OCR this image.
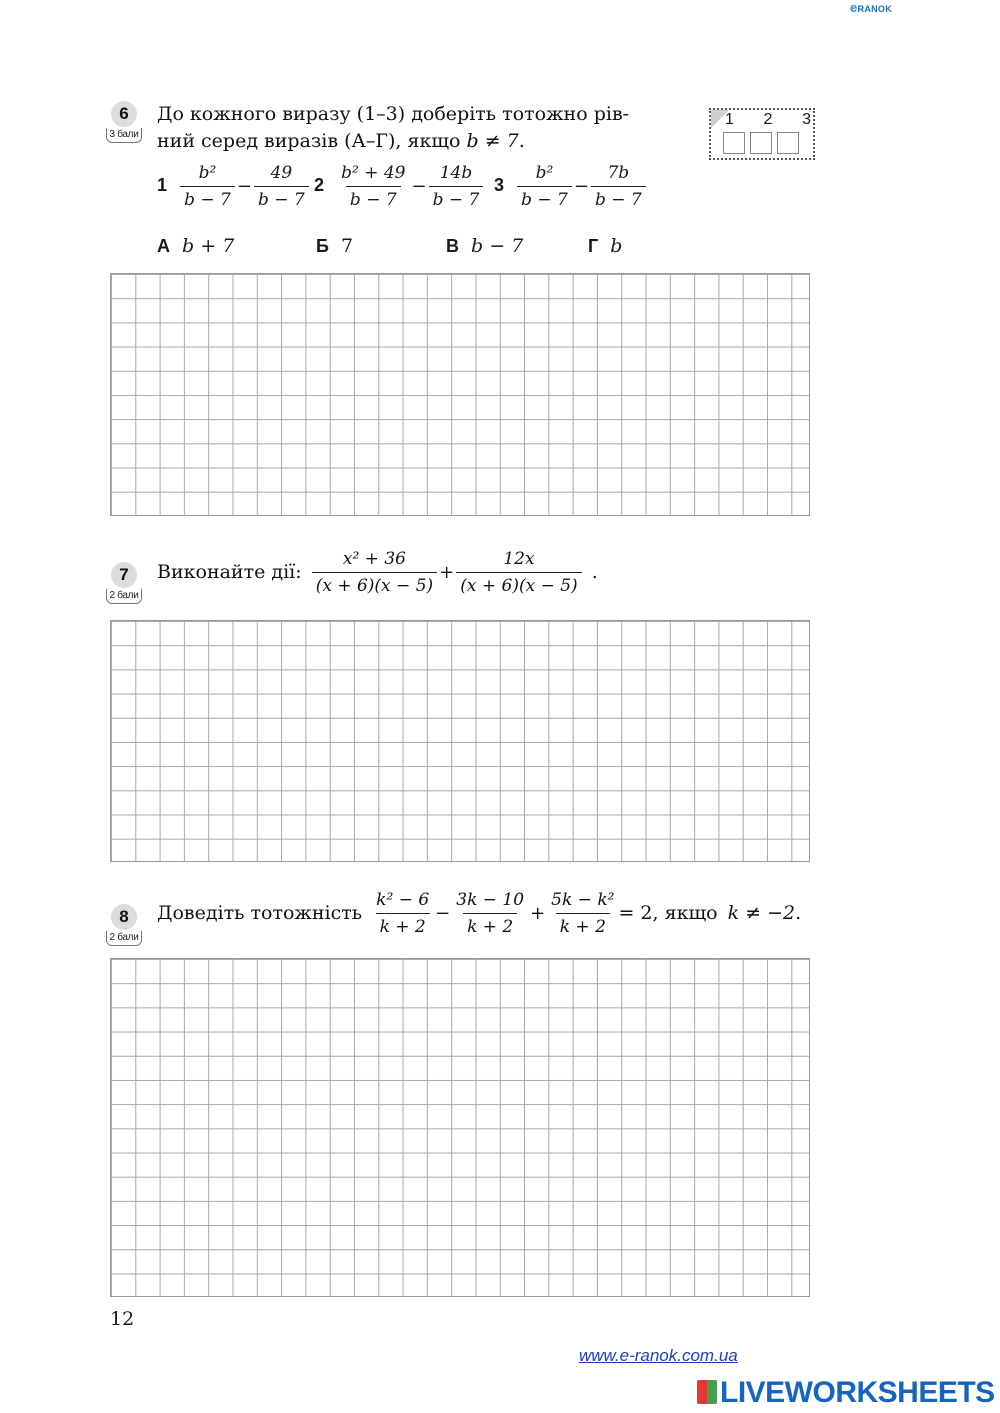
eRANOK
6
3 бали
До кожного виразу (1–3) доберіть тотожно рів-
ний серед виразів (А–Г), якщо b ≠ 7.
1 2 3
$1 \frac{\text{b²}}{b - 7} - \frac{49}{b - 7} 2 \frac{\text{b² + 49}}{b - 7} - \frac{14b}{b - 7} 3 \frac{\text{b²}}{b - 7} - \frac{7b}{b - 7}$
А b + 7	Б 7	В b − 7	Г b
7
2 бали
Виконайте дії: $\frac{\text{x² + 36}}{(x + 6)(x - 5)} + \frac{12x}{(x + 6)(x - 5)}$ .
8
2 бали
Доведіть тотожність $\frac{\text{k² − 6}}{k + 2} - \frac{3k - 10}{k + 2} + \frac{\text{5k − k²}}{k + 2} = 2$, якщо k ≠ −2.
12
www.e-ranok.com.ua
LIVEWORKSHEETS
